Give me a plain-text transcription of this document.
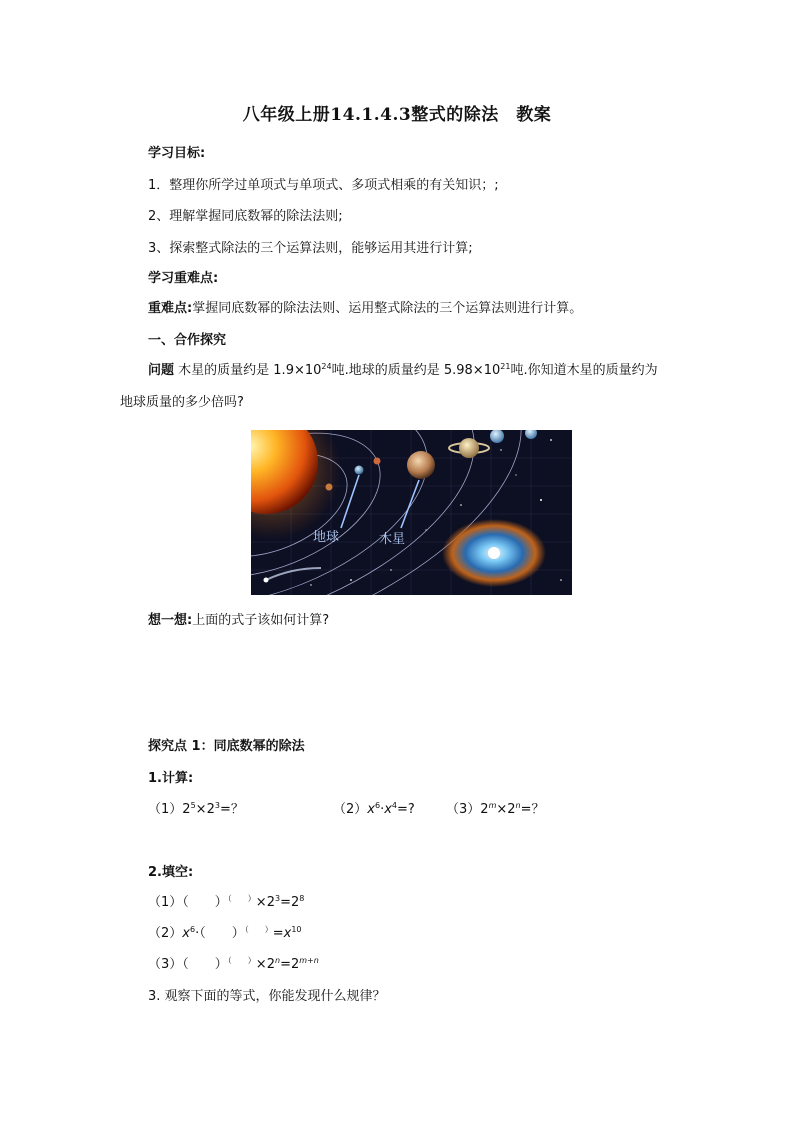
八年级上册14.1.4.3整式的除法　教案
学习目标:
1．整理你所学过单项式与单项式、多项式相乘的有关知识；;
2、理解掌握同底数幂的除法法则;
3、探索整式除法的三个运算法则，能够运用其进行计算;
学习重难点:
重难点:掌握同底数幂的除法法则、运用整式除法的三个运算法则进行计算。
一、合作探究
问题 木星的质量约是 $1.9\times 10^{24}$吨.地球的质量约是 $5.98\times 10^{21}$吨.你知道木星的质量约为
地球质量的多少倍吗?
地球	木星
想一想:上面的式子该如何计算?
探究点 1：同底数幂的除法
1.计算:
$(1)2^5\times 2^3=$？	$(2)x^6\cdot x^4=$? $(3)2^m\times 2^n=$？
2.填空:
（1）（　　）$^{( )}\times 2^3=2^8$
$(2)x^6\cdot$（　　）$^{( )}=x^{10}$
（3）（　　）$^{( )}\times 2^n=2^{m+n}$
3. 观察下面的等式，你能发现什么规律？
